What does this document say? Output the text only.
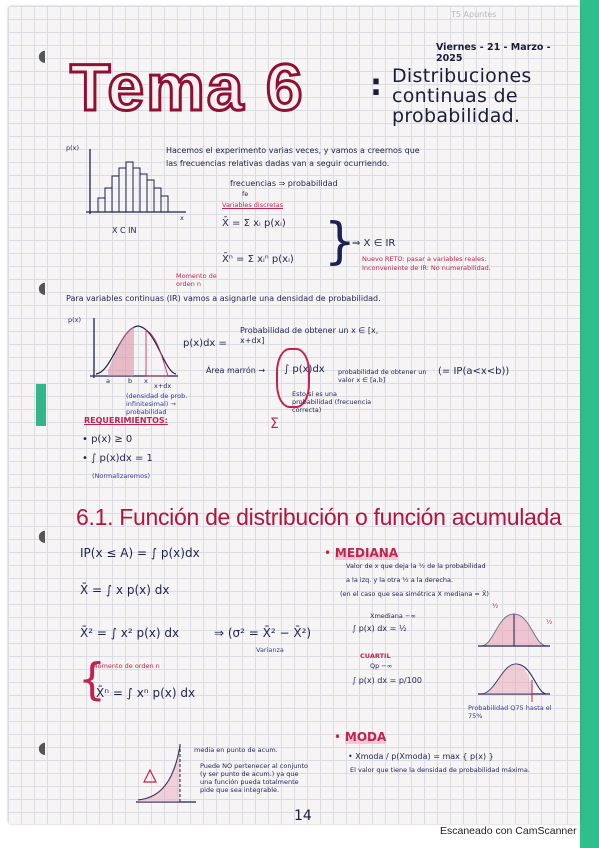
T5 Apuntes
Viernes - 21 - Marzo - 2025
◖
◖
◖
◖
Tema 6 : Distribuciones continuas de probabilidad.
Hacemos el experimento varias veces, y vamos a creernos que
las frecuencias relativas dadas van a seguir ocurriendo.
frecuencias ⇒ probabilidad
fe
Variables discretas
p(x)
x
X C IN
X̄ = Σ xᵢ p(xᵢ)
X̄ⁿ = Σ xᵢⁿ p(xᵢ) }
⇒ X ∈ IR
Nuevo RETO: pasar a variables reales.
Inconveniente de IR: No numerabilidad.
Momento de orden n
Para variables continuas (IR) vamos a asignarle una densidad de probabilidad.
p(x)
a	b x
x+dx
(densidad de prob. infinitesimal) → probabilidad
p(x)dx =
Probabilidad de obtener un x ∈ [x, x+dx]
Área marrón → ∫ p(x)dx probabilidad de obtener un valor x ∈ [a,b]
(= IP(a<x<b))
Esto sí es una probabilidad (frecuencia correcta)
Σ
REQUERIMIENTOS:
• p(x) ≥ 0
• ∫ p(x)dx = 1
(Normalizaremos)
6.1. Función de distribución o función acumulada
IP(x ≤ A) = ∫ p(x)dx
X̄ = ∫ x p(x) dx
X̄² = ∫ x² p(x) dx	⇒ (σ² = X̄² − X̄²)
Varianza
Momento de orden n
X̄ⁿ = ∫ xⁿ p(x) dx
{
• MEDIANA
Valor de x que deja la ½ de la probabilidad
a la izq. y la otra ½ a la derecha.
(en el caso que sea simétrica X mediana = X̄)
∫ p(x) dx = ½
Xmediana −∞
CUARTIL
∫ p(x) dx = p/100
Qp −∞
½
½
Probabilidad Q75 hasta el 75%
• MODA
• Xmoda / p(Xmoda) = max { p(x) }
El valor que tiene la densidad de probabilidad máxima.
media en punto de acum.
Puede NO pertenecer al conjunto (y ser punto de acum.) ya que una función pueda totalmente pide que sea integrable.
14
Escaneado con CamScanner
